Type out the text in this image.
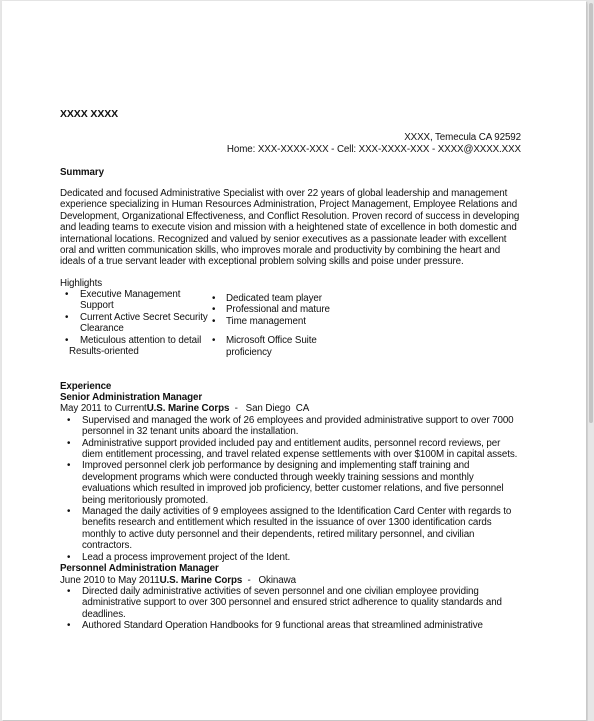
XXXX XXXX
XXXX, Temecula CA 92592
Home: XXX-XXXX-XXX - Cell: XXX-XXXX-XXX - XXXX@XXXX.XXX
Summary
Dedicated and focused Administrative Specialist with over 22 years of global leadership and management experience specializing in Human Resources Administration, Project Management, Employee Relations and Development, Organizational Effectiveness, and Conflict Resolution. Proven record of success in developing and leading teams to execute vision and mission with a heightened state of excellence in both domestic and international locations. Recognized and valued by senior executives as a passionate leader with excellent oral and written communication skills, who improves morale and productivity by combining the heart and ideals of a true servant leader with exceptional problem solving skills and poise under pressure.
Highlights
• Executive Management Support
• Current Active Secret Security Clearance
• Meticulous attention to detail
Results-oriented
• Dedicated team player
• Professional and mature
• Time management
• Microsoft Office Suite proficiency
Experience
Senior Administration Manager
May 2011 to CurrentU.S. Marine Corps  -   San Diego  CA
• Supervised and managed the work of 26 employees and provided administrative support to over 7000 personnel in 32 tenant units aboard the installation.
• Administrative support provided included pay and entitlement audits, personnel record reviews, per diem entitlement processing, and travel related expense settlements with over $100M in capital assets.
• Improved personnel clerk job performance by designing and implementing staff training and development programs which were conducted through weekly training sessions and monthly evaluations which resulted in improved job proficiency, better customer relations, and five personnel being meritoriously promoted.
• Managed the daily activities of 9 employees assigned to the Identification Card Center with regards to benefits research and entitlement which resulted in the issuance of over 1300 identification cards monthly to active duty personnel and their dependents, retired military personnel, and civilian contractors.
• Lead a process improvement project of the Ident.
Personnel Administration Manager
June 2010 to May 2011U.S. Marine Corps  -   Okinawa
• Directed daily administrative activities of seven personnel and one civilian employee providing administrative support to over 300 personnel and ensured strict adherence to quality standards and deadlines.
• Authored Standard Operation Handbooks for 9 functional areas that streamlined administrative
